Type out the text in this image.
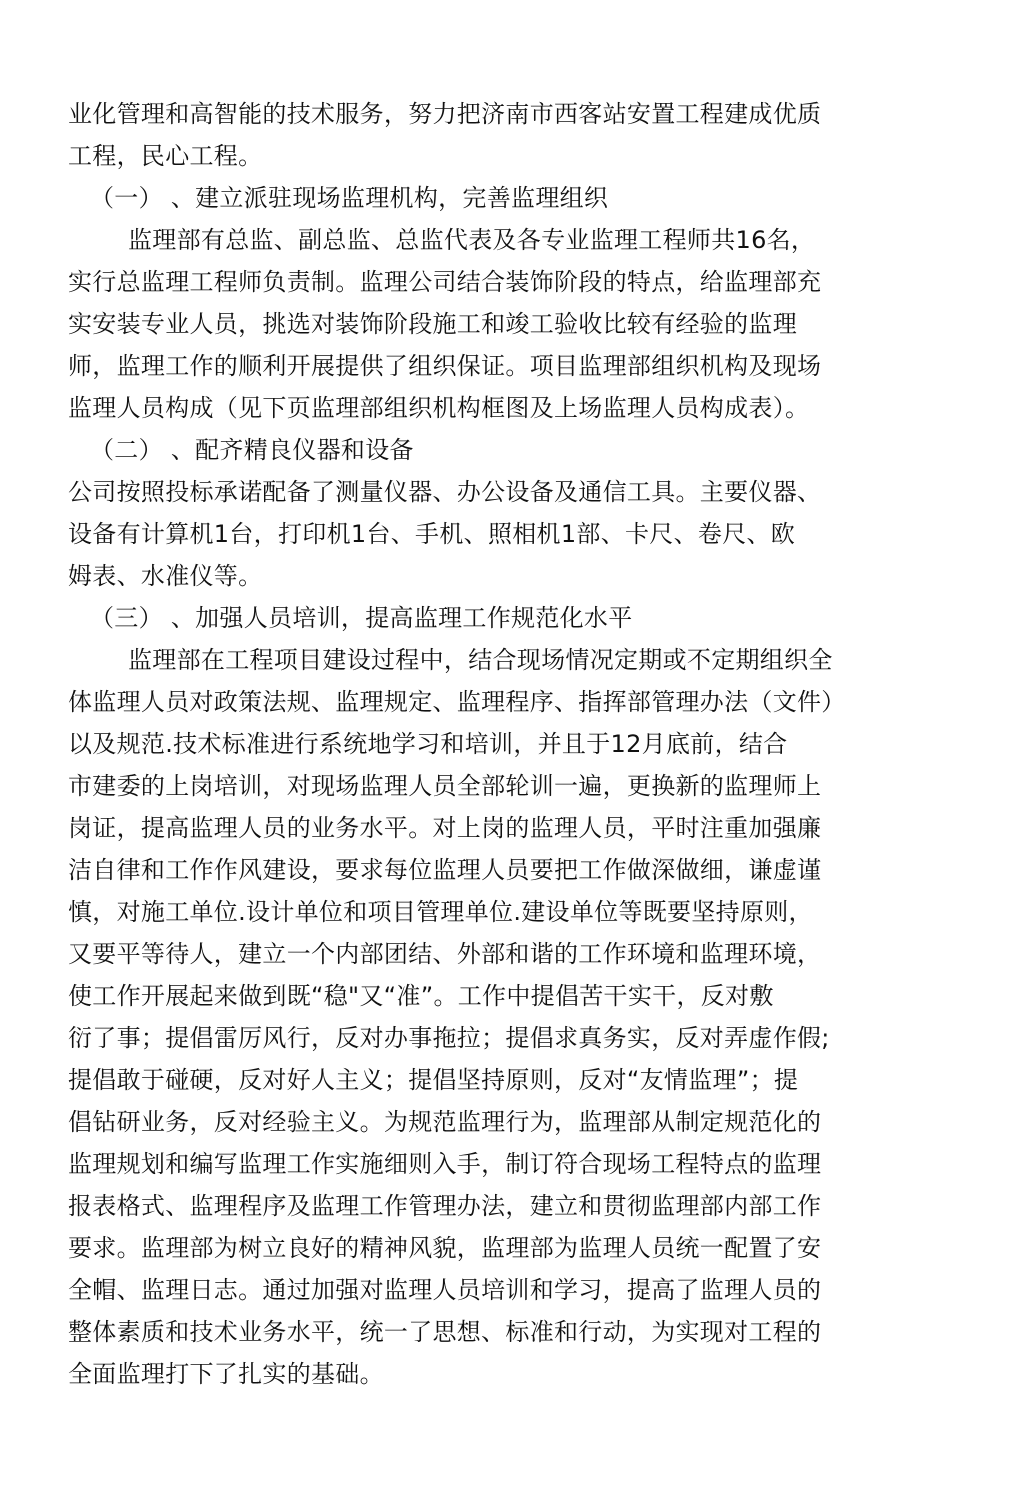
业化管理和高智能的技术服务，努力把济南市西客站安置工程建成优质
工程，民心工程。
（一） 、建立派驻现场监理机构，完善监理组织
监理部有总监、副总监、总监代表及各专业监理工程师共16名，
实行总监理工程师负责制。监理公司结合装饰阶段的特点，给监理部充
实安装专业人员，挑选对装饰阶段施工和竣工验收比较有经验的监理
师，监理工作的顺利开展提供了组织保证。项目监理部组织机构及现场
监理人员构成（见下页监理部组织机构框图及上场监理人员构成表）。
（二） 、配齐精良仪器和设备
公司按照投标承诺配备了测量仪器、办公设备及通信工具。主要仪器、
设备有计算机1台，打印机1台、手机、照相机1部、卡尺、卷尺、欧
姆表、水准仪等。
（三） 、加强人员培训，提高监理工作规范化水平
监理部在工程项目建设过程中，结合现场情况定期或不定期组织全
体监理人员对政策法规、监理规定、监理程序、指挥部管理办法（文件）
以及规范.技术标准进行系统地学习和培训，并且于12月底前，结合
市建委的上岗培训，对现场监理人员全部轮训一遍，更换新的监理师上
岗证，提高监理人员的业务水平。对上岗的监理人员，平时注重加强廉
洁自律和工作作风建设，要求每位监理人员要把工作做深做细，谦虚谨
慎，对施工单位.设计单位和项目管理单位.建设单位等既要坚持原则，
又要平等待人，建立一个内部团结、外部和谐的工作环境和监理环境，
使工作开展起来做到既“稳"又“准”。工作中提倡苦干实干，反对敷
衍了事；提倡雷厉风行，反对办事拖拉；提倡求真务实，反对弄虚作假;
提倡敢于碰硬，反对好人主义；提倡坚持原则，反对“友情监理”；提
倡钻研业务，反对经验主义。为规范监理行为，监理部从制定规范化的
监理规划和编写监理工作实施细则入手，制订符合现场工程特点的监理
报表格式、监理程序及监理工作管理办法，建立和贯彻监理部内部工作
要求。监理部为树立良好的精神风貌，监理部为监理人员统一配置了安
全帽、监理日志。通过加强对监理人员培训和学习，提高了监理人员的
整体素质和技术业务水平，统一了思想、标准和行动，为实现对工程的
全面监理打下了扎实的基础。
